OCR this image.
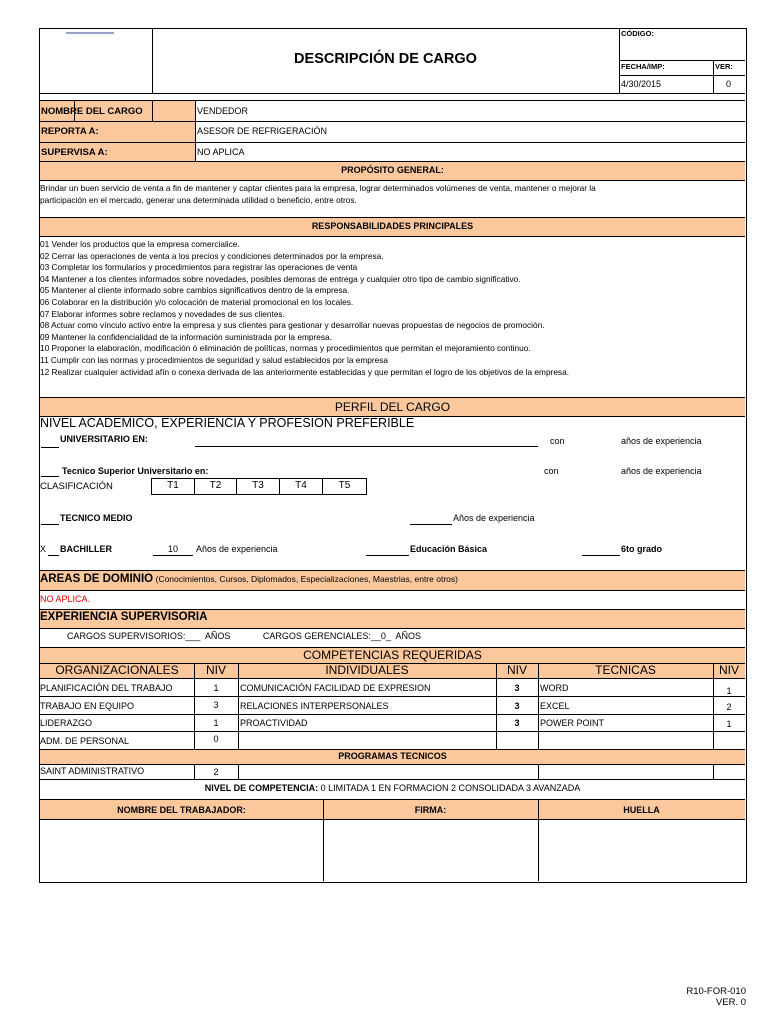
DESCRIPCIÓN DE CARGO
CÓDIGO:
FECHA/IMP:	VER:
4/30/2015	0
NOMBRE DEL CARGO	VENDEDOR
REPORTA A:	ASESOR DE REFRIGERACIÓN
SUPERVISA A:	NO APLICA
PROPÓSITO GENERAL:
Brindar un buen servicio de venta a fin de mantener y captar clientes para la empresa, lograr determinados volúmenes de venta, mantener o mejorar la
participación en el mercado, generar una determinada utilidad o beneficio, entre otros.
RESPONSABILIDADES PRINCIPALES
01 Vender los productos que la empresa comercialice.
02 Cerrar las operaciones de venta a los precios y condiciones determinados por la empresa.
03 Completar los formularios y procedimientos para registrar las operaciones de venta
04 Mantener a los clientes informados sobre novedades, posibles demoras de entrega y cualquier otro tipo de cambio significativo.
05 Mantener al cliente informado sobre cambios significativos dentro de la empresa.
06 Colaborar en la distribución y/o colocación de material promocional en los locales.
07 Elaborar informes sobre reclamos y novedades de sus clientes.
08 Actuar como vínculo activo entre la empresa y sus clientes para gestionar y desarrollar nuevas propuestas de negocios de promoción.
09 Mantener la confidencialidad de la información suministrada por la empresa.
10 Proponer la elaboración, modificación ó eliminación de políticas, normas y procedimientos que permitan el mejoramiento continuo.
11 Cumplir con las normas y procedimientos de seguridad y salud establecidos por la empresa
12 Realizar cualquier actividad afín o conexa derivada de las anteriormente establecidas y que permitan el logro de los objetivos de la empresa.
PERFIL DEL CARGO
NIVEL ACADEMICO, EXPERIENCIA Y PROFESION PREFERIBLE
UNIVERSITARIO EN:	con	años de experiencia
Tecnico Superior Universitario en:	con	años de experiencia
CLASIFICACIÓN	T1	T2	T3	T4	T5
TECNICO MEDIO	Años de experiencia
X BACHILLER	10 Años de experiencia	Educación Básica	6to grado
AREAS DE DOMINIO (Conocimientos, Cursos, Diplomados, Especializaciones, Maestrias, entre otros)
NO APLICA.
EXPERIENCIA SUPERVISORIA
CARGOS SUPERVISORIOS:___  AÑOS             CARGOS GERENCIALES:__0_  AÑOS
COMPETENCIAS REQUERIDAS
ORGANIZACIONALES	NIV	INDIVIDUALES	NIV	TECNICAS	NIV
PLANIFICACIÓN DEL TRABAJO	1	COMUNICACIÓN FACILIDAD DE EXPRESION	3	WORD	1
TRABAJO EN EQUIPO	3	RELACIONES INTERPERSONALES	3	EXCEL	2
LIDERAZGO	1	PROACTIVIDAD	3	POWER POINT	1
ADM. DE PERSONAL	0
PROGRAMAS TECNICOS
SAINT ADMINISTRATIVO	2
NIVEL DE COMPETENCIA: 0 LIMITADA 1 EN FORMACION 2 CONSOLIDADA 3 AVANZADA
NOMBRE DEL TRABAJADOR:	FIRMA:	HUELLA
R10-FOR-010
VER. 0
